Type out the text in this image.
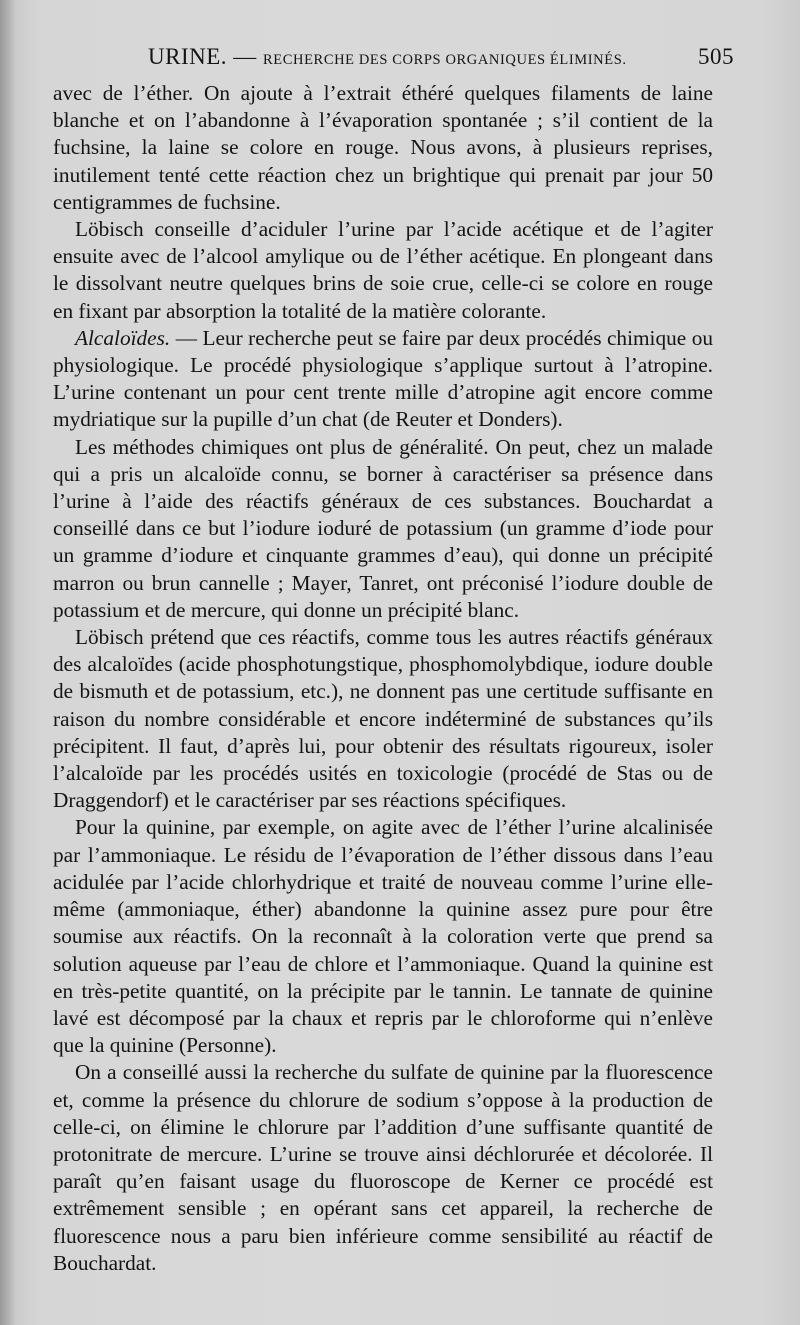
URINE. — RECHERCHE DES CORPS ORGANIQUES ÉLIMINÉS.	505

avec de l’éther. On ajoute à l’extrait éthéré quelques filaments de laine blanche et on l’abandonne à l’évaporation spontanée ; s’il contient de la fuchsine, la laine se colore en rouge. Nous avons, à plusieurs reprises, inutilement tenté cette réaction chez un brightique qui prenait par jour 50 centigrammes de fuchsine.

Löbisch conseille d’aciduler l’urine par l’acide acétique et de l’agiter ensuite avec de l’alcool amylique ou de l’éther acétique. En plongeant dans le dissolvant neutre quelques brins de soie crue, celle-ci se colore en rouge en fixant par absorption la totalité de la matière colorante.

Alcaloïdes. — Leur recherche peut se faire par deux procédés chimique ou physiologique. Le procédé physiologique s’applique surtout à l’atropine. L’urine contenant un pour cent trente mille d’atropine agit encore comme mydriatique sur la pupille d’un chat (de Reuter et Donders).

Les méthodes chimiques ont plus de généralité. On peut, chez un malade qui a pris un alcaloïde connu, se borner à caractériser sa présence dans l’urine à l’aide des réactifs généraux de ces substances. Bouchardat a conseillé dans ce but l’iodure ioduré de potassium (un gramme d’iode pour un gramme d’iodure et cinquante grammes d’eau), qui donne un précipité marron ou brun cannelle ; Mayer, Tanret, ont préconisé l’iodure double de potassium et de mercure, qui donne un précipité blanc.

Löbisch prétend que ces réactifs, comme tous les autres réactifs généraux des alcaloïdes (acide phosphotungstique, phosphomolybdique, iodure double de bismuth et de potassium, etc.), ne donnent pas une certitude suffisante en raison du nombre considérable et encore indéterminé de substances qu’ils précipitent. Il faut, d’après lui, pour obtenir des résultats rigoureux, isoler l’alcaloïde par les procédés usités en toxicologie (procédé de Stas ou de Draggendorf) et le caractériser par ses réactions spécifiques.

Pour la quinine, par exemple, on agite avec de l’éther l’urine alcalinisée par l’ammoniaque. Le résidu de l’évaporation de l’éther dissous dans l’eau acidulée par l’acide chlorhydrique et traité de nouveau comme l’urine elle-même (ammoniaque, éther) abandonne la quinine assez pure pour être soumise aux réactifs. On la reconnaît à la coloration verte que prend sa solution aqueuse par l’eau de chlore et l’ammoniaque. Quand la quinine est en très-petite quantité, on la précipite par le tannin. Le tannate de quinine lavé est décomposé par la chaux et repris par le chloroforme qui n’enlève que la quinine (Personne).

On a conseillé aussi la recherche du sulfate de quinine par la fluorescence et, comme la présence du chlorure de sodium s’oppose à la production de celle-ci, on élimine le chlorure par l’addition d’une suffisante quantité de protonitrate de mercure. L’urine se trouve ainsi déchlorurée et décolorée. Il paraît qu’en faisant usage du fluoroscope de Kerner ce procédé est extrêmement sensible ; en opérant sans cet appareil, la recherche de fluorescence nous a paru bien inférieure comme sensibilité au réactif de Bouchardat.
